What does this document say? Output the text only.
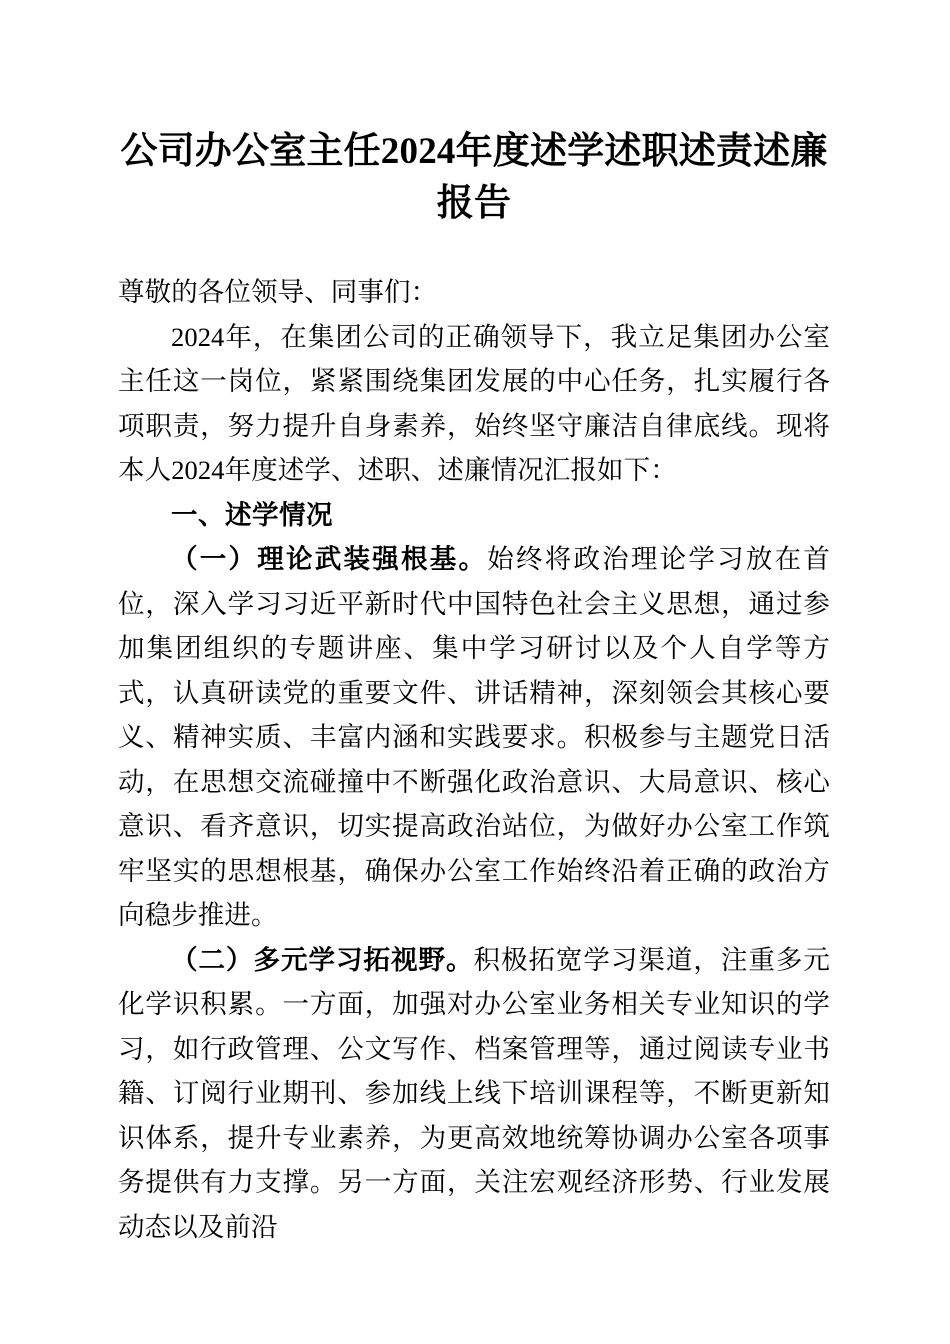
公司办公室主任2024年度述学述职述责述廉报告

尊敬的各位领导、同事们：

2024年，在集团公司的正确领导下，我立足集团办公室主任这一岗位，紧紧围绕集团发展的中心任务，扎实履行各项职责，努力提升自身素养，始终坚守廉洁自律底线。现将本人2024年度述学、述职、述廉情况汇报如下：

一、述学情况

（一）理论武装强根基。始终将政治理论学习放在首位，深入学习习近平新时代中国特色社会主义思想，通过参加集团组织的专题讲座、集中学习研讨以及个人自学等方式，认真研读党的重要文件、讲话精神，深刻领会其核心要义、精神实质、丰富内涵和实践要求。积极参与主题党日活动，在思想交流碰撞中不断强化政治意识、大局意识、核心意识、看齐意识，切实提高政治站位，为做好办公室工作筑牢坚实的思想根基，确保办公室工作始终沿着正确的政治方向稳步推进。

（二）多元学习拓视野。积极拓宽学习渠道，注重多元化学识积累。一方面，加强对办公室业务相关专业知识的学习，如行政管理、公文写作、档案管理等，通过阅读专业书籍、订阅行业期刊、参加线上线下培训课程等，不断更新知识体系，提升专业素养，为更高效地统筹协调办公室各项事务提供有力支撑。另一方面，关注宏观经济形势、行业发展动态以及前沿
